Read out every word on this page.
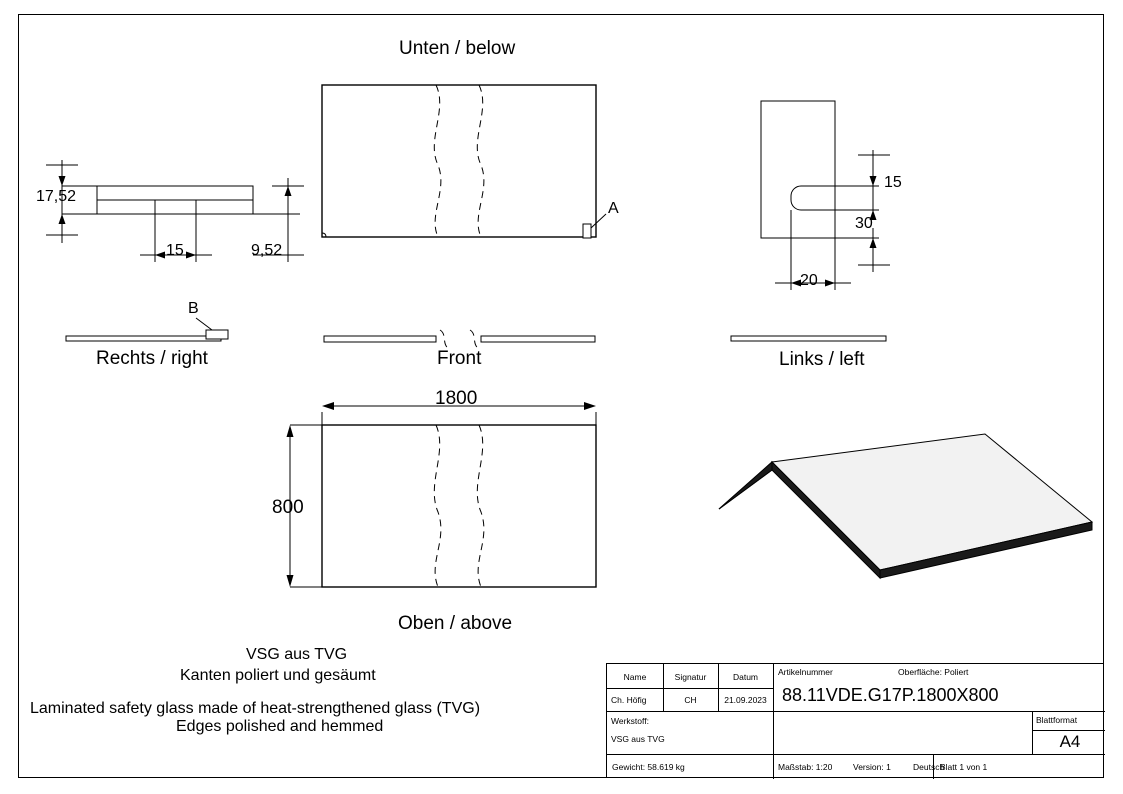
Unten / below
Front
Rechts / right	Links / left
Oben / above
17,52
15	9,52
15
30
20
1800
800
A
B
VSG aus TVG
Kanten poliert und gesäumt
Laminated safety glass made of heat-strengthened glass (TVG)
Edges polished and hemmed
Name	Signatur	Datum
Ch. Höfig	CH	21.09.2023
Artikelnummer	Oberfläche: Poliert
88.11VDE.G17P.1800X800
Werkstoff:
VSG aus TVG
Blattformat
A4
Gewicht: 58.619 kg	Maßstab: 1:20	Version: 1	Deutsch
Blatt 1 von 1
